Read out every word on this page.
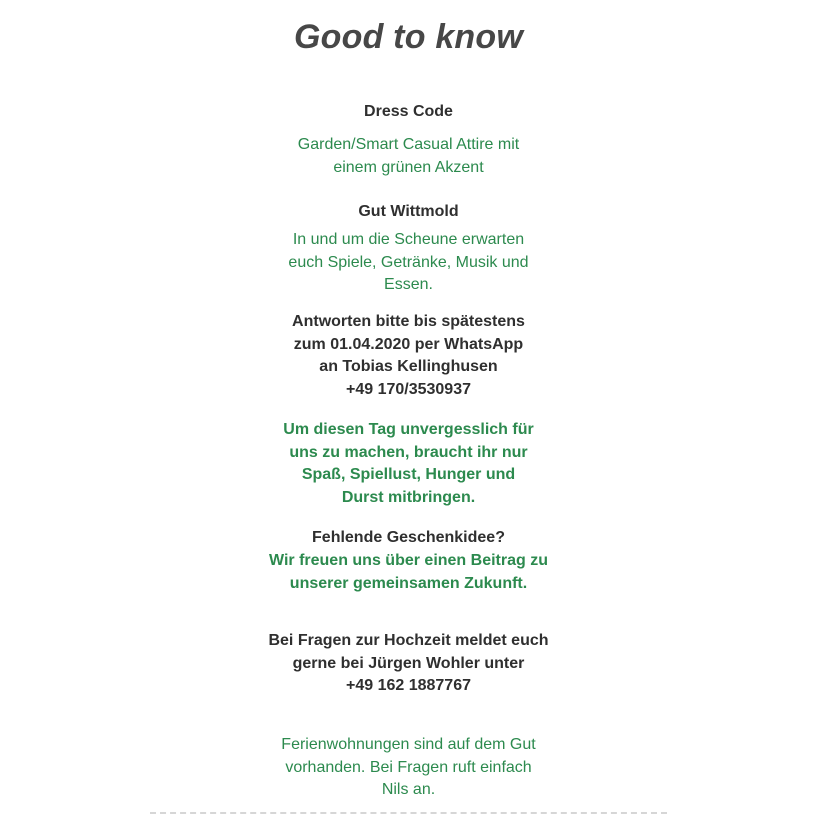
Good to know
Dress Code
Garden/Smart Casual Attire mit
einem grünen Akzent
Gut Wittmold
In und um die Scheune erwarten
euch Spiele, Getränke, Musik und
Essen.
Antworten bitte bis spätestens
zum 01.04.2020 per WhatsApp
an Tobias Kellinghusen
+49 170/3530937
Um diesen Tag unvergesslich für
uns zu machen, braucht ihr nur
Spaß, Spiellust, Hunger und
Durst mitbringen.
Fehlende Geschenkidee?
Wir freuen uns über einen Beitrag zu
unserer gemeinsamen Zukunft.
Bei Fragen zur Hochzeit meldet euch
gerne bei Jürgen Wohler unter
+49 162 1887767
Ferienwohnungen sind auf dem Gut
vorhanden. Bei Fragen ruft einfach
Nils an.
